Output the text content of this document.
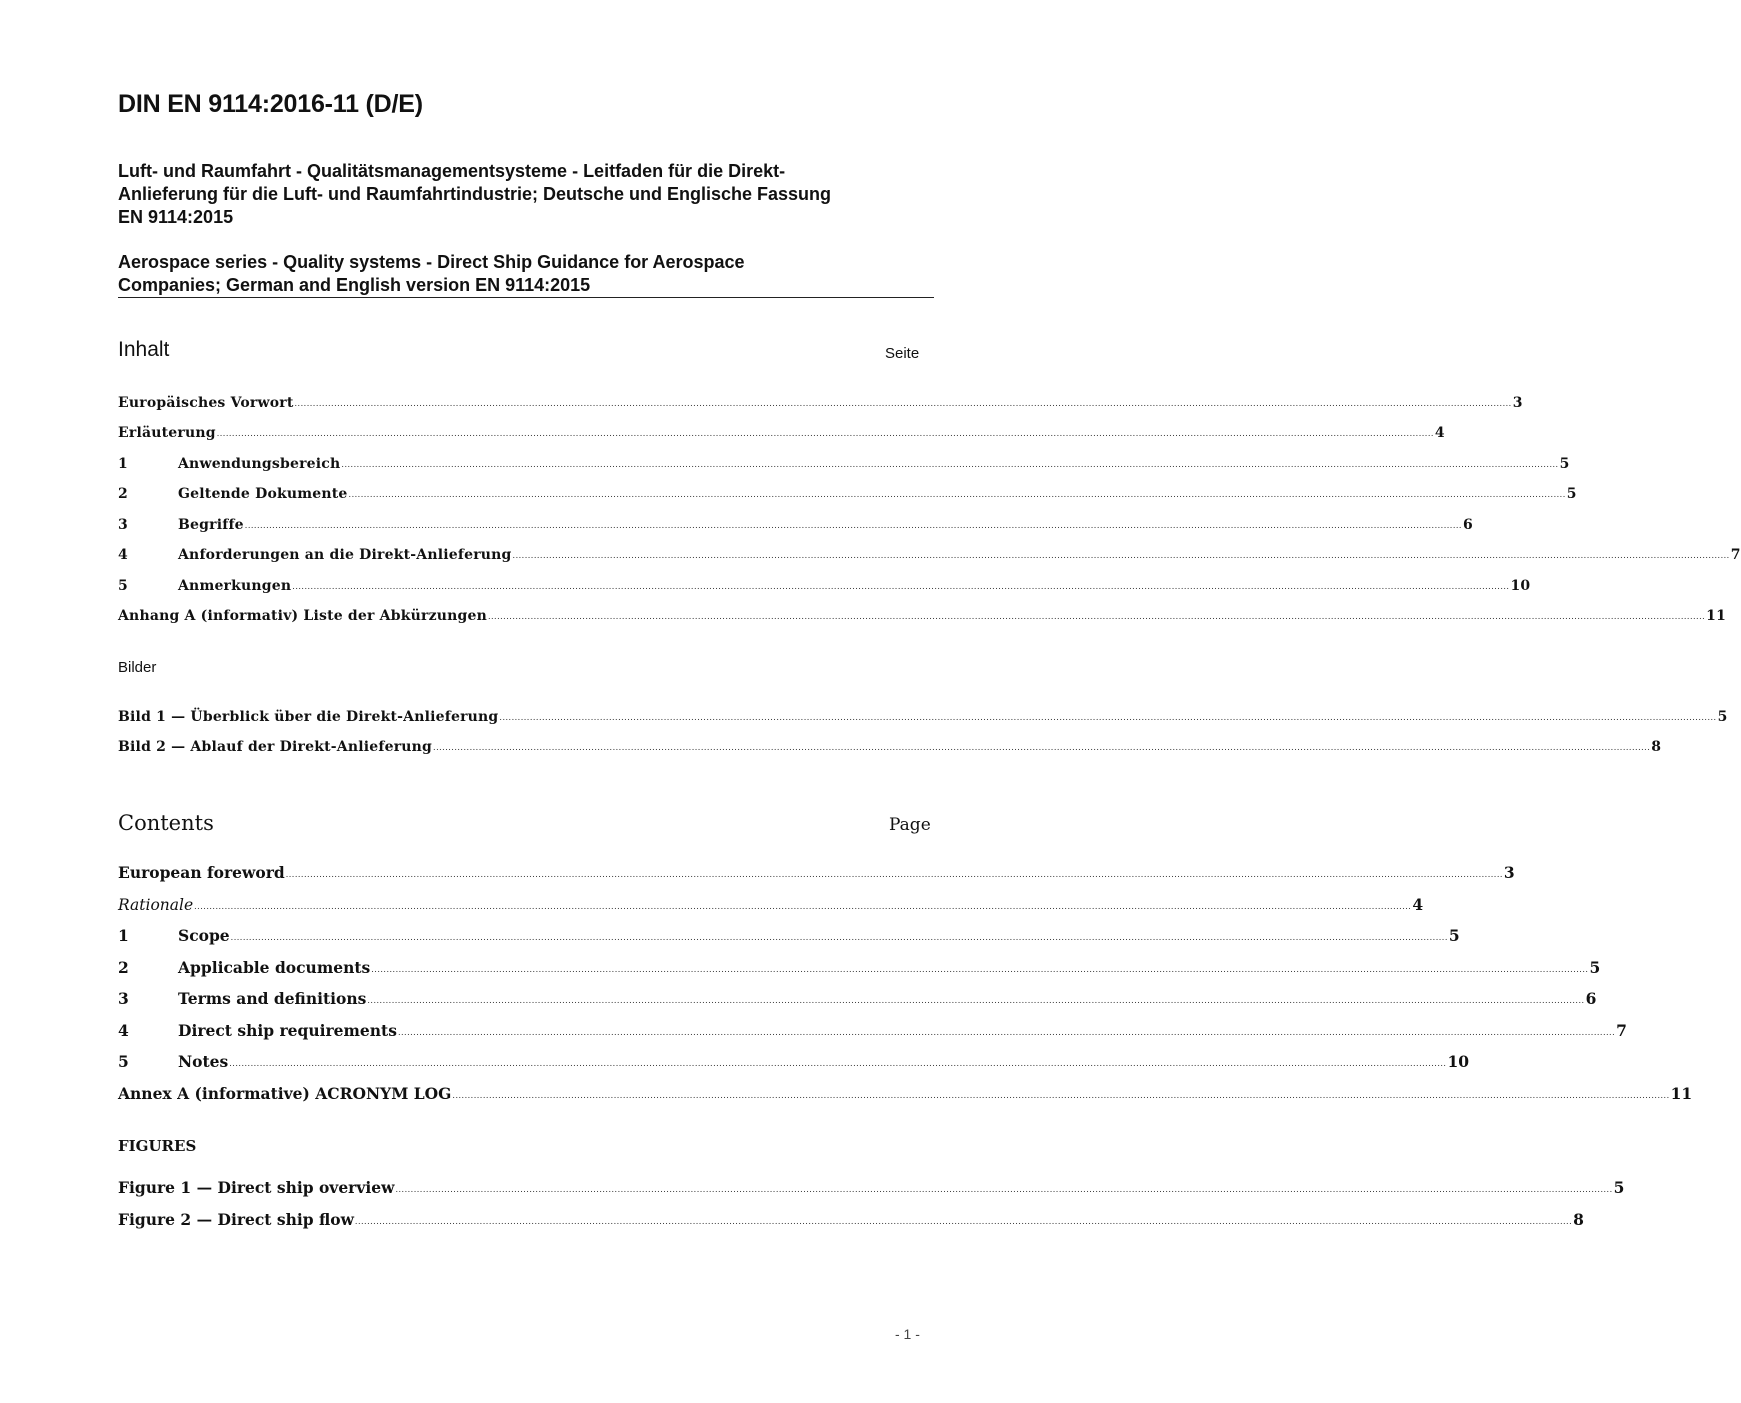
DIN EN 9114:2016-11 (D/E)
Luft- und Raumfahrt - Qualitätsmanagementsysteme - Leitfaden für die Direkt-
Anlieferung für die Luft- und Raumfahrtindustrie; Deutsche und Englische Fassung
EN 9114:2015
Aerospace series - Quality systems - Direct Ship Guidance for Aerospace
Companies; German and English version EN 9114:2015
Inhalt	Seite
Europäisches Vorwort ................................................................................................................................................................................................................................................................................................................................................................................................................ 3
Erläuterung ................................................................................................................................................................................................................................................................................................................................................................................................................ 4
1	Anwendungsbereich ................................................................................................................................................................................................................................................................................................................................................................................................................ 5
2	Geltende Dokumente ................................................................................................................................................................................................................................................................................................................................................................................................................ 5
3	Begriffe ................................................................................................................................................................................................................................................................................................................................................................................................................ 6
4	Anforderungen an die Direkt-Anlieferung ................................................................................................................................................................................................................................................................................................................................................................................................................ 7
5	Anmerkungen ................................................................................................................................................................................................................................................................................................................................................................................................................ 10
Anhang A (informativ) Liste der Abkürzungen ................................................................................................................................................................................................................................................................................................................................................................................................................ 11
Bilder
Bild 1 — Überblick über die Direkt-Anlieferung ................................................................................................................................................................................................................................................................................................................................................................................................................ 5
Bild 2 — Ablauf der Direkt-Anlieferung ................................................................................................................................................................................................................................................................................................................................................................................................................ 8
Contents	Page
European foreword ................................................................................................................................................................................................................................................................................................................................................................................................................ 3
Rationale ................................................................................................................................................................................................................................................................................................................................................................................................................ 4
1	Scope ................................................................................................................................................................................................................................................................................................................................................................................................................ 5
2	Applicable documents ................................................................................................................................................................................................................................................................................................................................................................................................................ 5
3	Terms and definitions ................................................................................................................................................................................................................................................................................................................................................................................................................ 6
4	Direct ship requirements ................................................................................................................................................................................................................................................................................................................................................................................................................ 7
5	Notes ................................................................................................................................................................................................................................................................................................................................................................................................................ 10
Annex A (informative) ACRONYM LOG ................................................................................................................................................................................................................................................................................................................................................................................................................ 11
FIGURES
Figure 1 — Direct ship overview ................................................................................................................................................................................................................................................................................................................................................................................................................ 5
Figure 2 — Direct ship flow ................................................................................................................................................................................................................................................................................................................................................................................................................ 8
- 1 -
